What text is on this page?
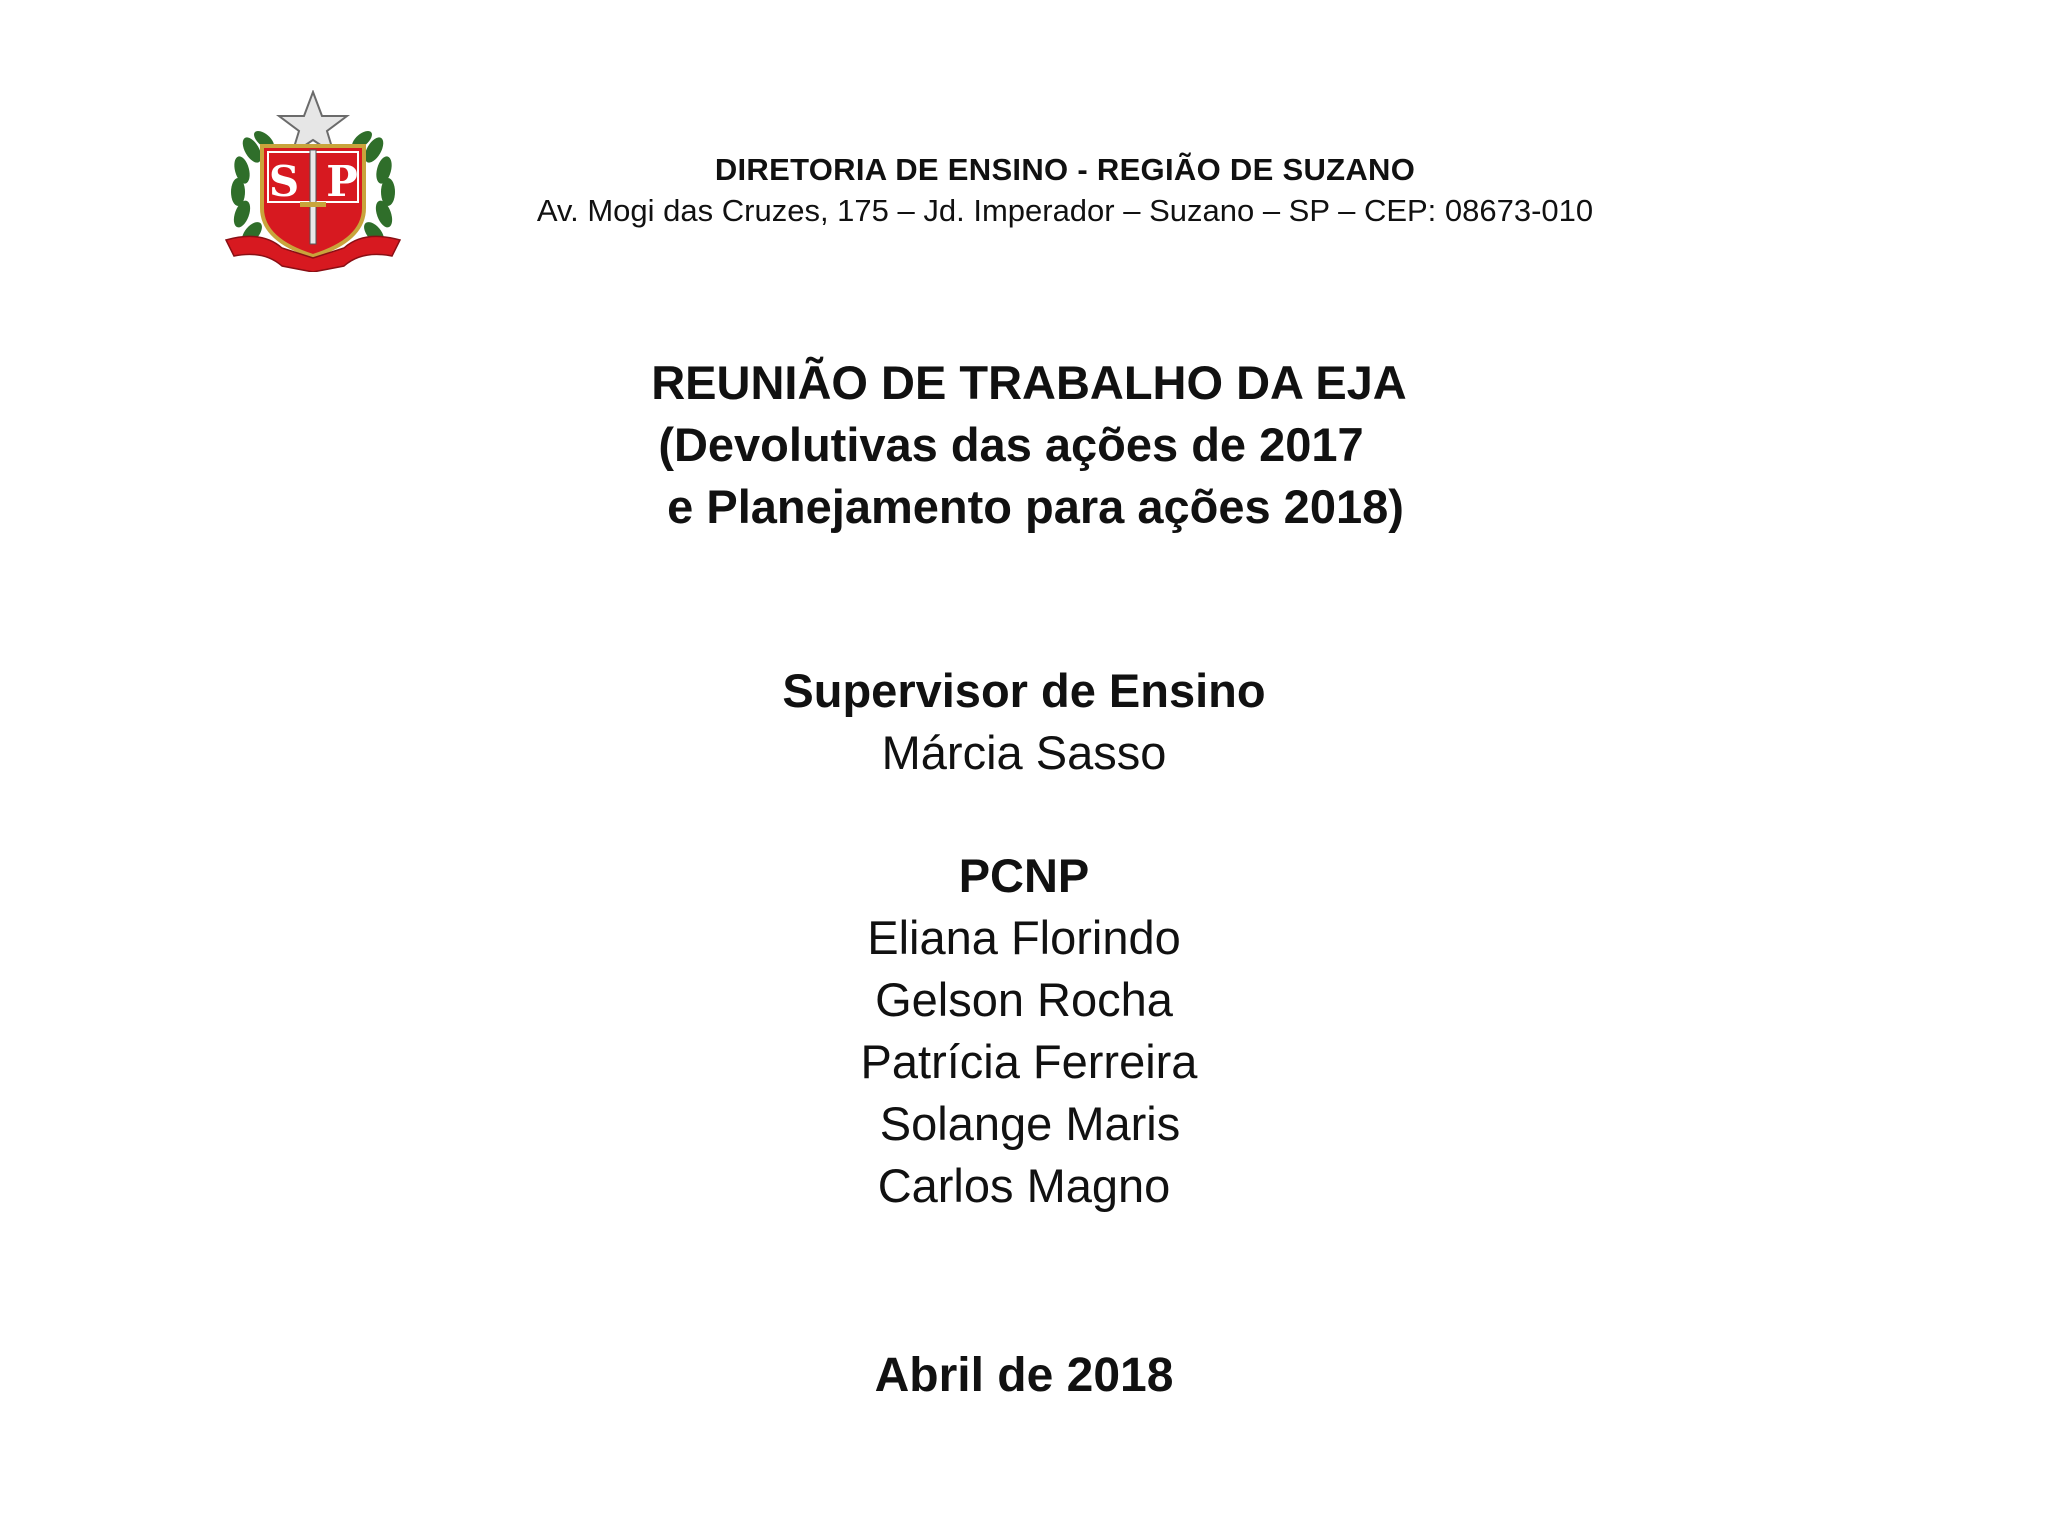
S P	DIRETORIA DE ENSINO - REGIÃO DE SUZANO
Av. Mogi das Cruzes, 175 – Jd. Imperador – Suzano – SP – CEP: 08673-010
REUNIÃO DE TRABALHO DA EJA
(Devolutivas das ações de 2017
e Planejamento para ações 2018)
Supervisor de Ensino
Márcia Sasso
PCNP
Eliana Florindo
Gelson Rocha
Patrícia Ferreira
Solange Maris
Carlos Magno
Abril de 2018
